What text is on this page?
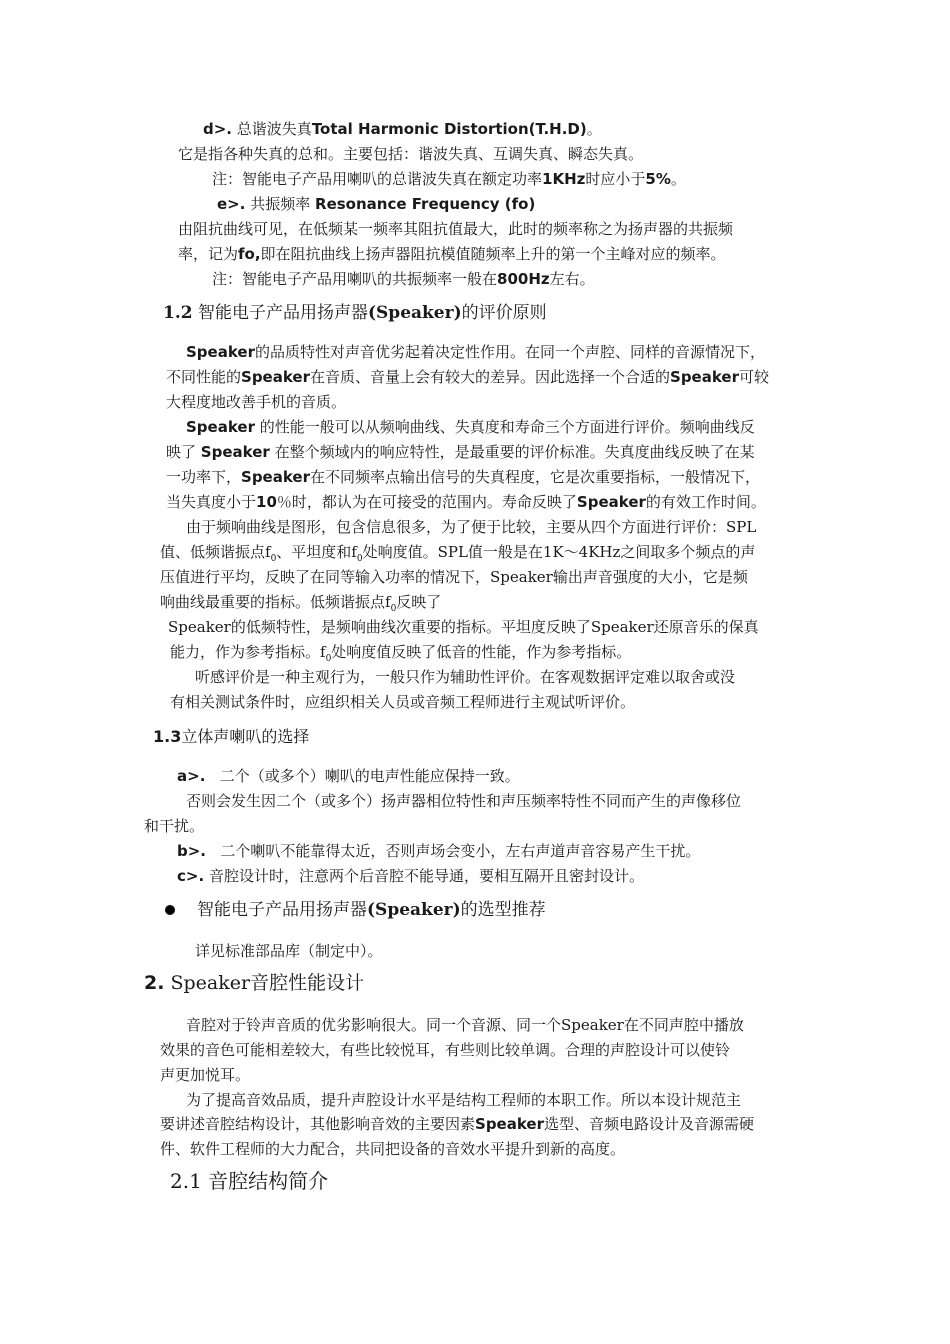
d>. 总谐波失真Total Harmonic Distortion(T.H.D)。
它是指各种失真的总和。主要包括：谐波失真、互调失真、瞬态失真。
注：智能电子产品用喇叭的总谐波失真在额定功率1KHz时应小于5%。
e>. 共振频率 Resonance Frequency (fo)
由阻抗曲线可见，在低频某一频率其阻抗值最大，此时的频率称之为扬声器的共振频
率，记为fo,即在阻抗曲线上扬声器阻抗模值随频率上升的第一个主峰对应的频率。
注：智能电子产品用喇叭的共振频率一般在800Hz左右。
1.2 智能电子产品用扬声器(Speaker)的评价原则
Speaker的品质特性对声音优劣起着决定性作用。在同一个声腔、同样的音源情况下，
不同性能的Speaker在音质、音量上会有较大的差异。因此选择一个合适的Speaker可较
大程度地改善手机的音质。
Speaker 的性能一般可以从频响曲线、失真度和寿命三个方面进行评价。频响曲线反
映了 Speaker 在整个频域内的响应特性，是最重要的评价标准。失真度曲线反映了在某
一功率下，Speaker在不同频率点输出信号的失真程度，它是次重要指标，一般情况下，
当失真度小于10％时，都认为在可接受的范围内。寿命反映了Speaker的有效工作时间。
由于频响曲线是图形，包含信息很多，为了便于比较，主要从四个方面进行评价：SPL
值、低频谐振点$f_0$、平坦度和$f_0$处响度值。SPL值一般是在1K～4KHz之间取多个频点的声
压值进行平均，反映了在同等输入功率的情况下，Speaker输出声音强度的大小，它是频
响曲线最重要的指标。低频谐振点$f_0$反映了
Speaker的低频特性，是频响曲线次重要的指标。平坦度反映了Speaker还原音乐的保真
能力，作为参考指标。$f_0$处响度值反映了低音的性能，作为参考指标。
听感评价是一种主观行为，一般只作为辅助性评价。在客观数据评定难以取舍或没
有相关测试条件时，应组织相关人员或音频工程师进行主观试听评价。
1.3立体声喇叭的选择
a>. 二个（或多个）喇叭的电声性能应保持一致。
否则会发生因二个（或多个）扬声器相位特性和声压频率特性不同而产生的声像移位
和干扰。
b>. 二个喇叭不能靠得太近，否则声场会变小，左右声道声音容易产生干扰。
c>. 音腔设计时，注意两个后音腔不能导通，要相互隔开且密封设计。
智能电子产品用扬声器(Speaker)的选型推荐
详见标准部品库（制定中）。
2. Speaker音腔性能设计
音腔对于铃声音质的优劣影响很大。同一个音源、同一个Speaker在不同声腔中播放
效果的音色可能相差较大，有些比较悦耳，有些则比较单调。合理的声腔设计可以使铃
声更加悦耳。
为了提高音效品质，提升声腔设计水平是结构工程师的本职工作。所以本设计规范主
要讲述音腔结构设计，其他影响音效的主要因素Speaker选型、音频电路设计及音源需硬
件、软件工程师的大力配合，共同把设备的音效水平提升到新的高度。
2.1 音腔结构简介
